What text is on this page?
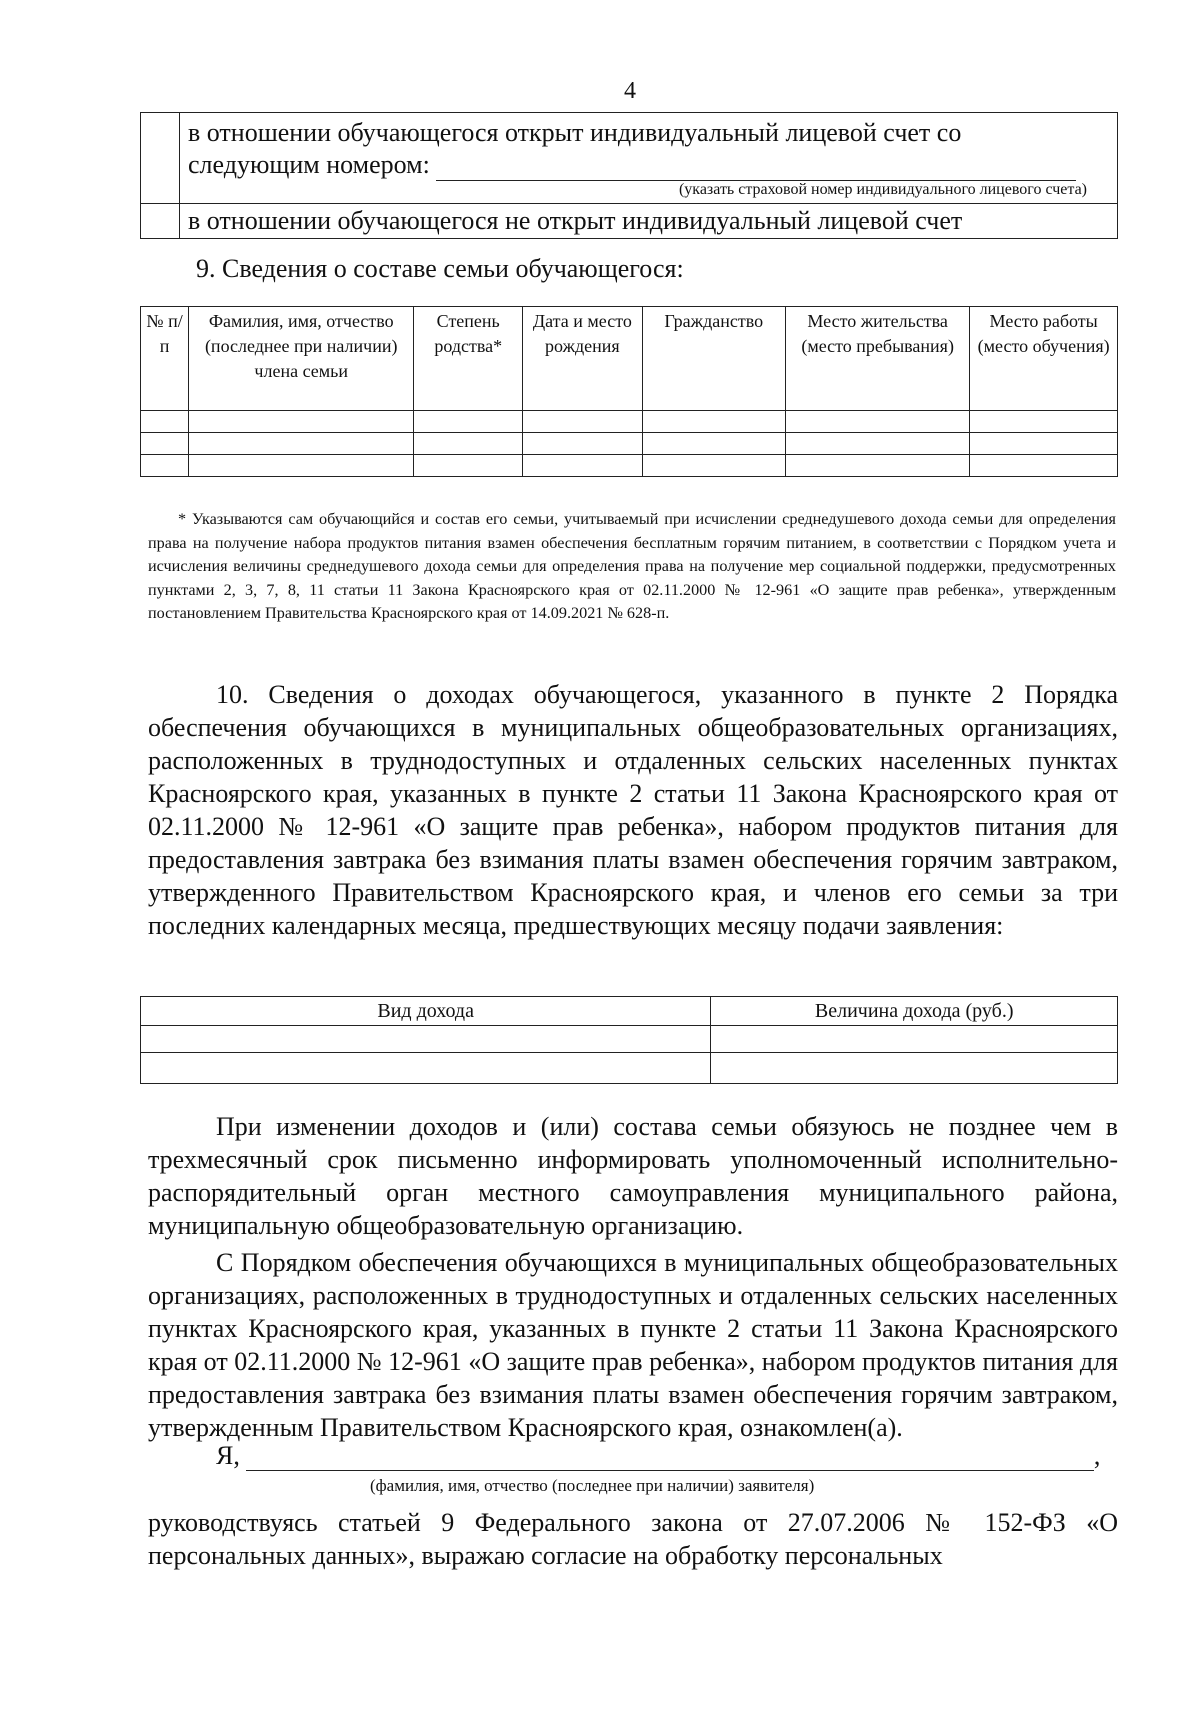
4

	в отношении обучающегося открыт индивидуальный лицевой счет со
следующим номером:
(указать страховой номер индивидуального лицевого счета)

	в отношении обучающегося не открыт индивидуальный лицевой счет
9. Сведения о составе семьи обучающегося:
№ п/п	Фамилия, имя, отчество (последнее при наличии) члена семьи	Степень родства*	Дата и место рождения	Гражданство	Место жительства (место пребывания)	Место работы (место обучения)

* Указываются сам обучающийся и состав его семьи, учитываемый при исчислении среднедушевого дохода семьи для определения права на получение набора продуктов питания взамен обеспечения бесплатным горячим питанием, в соответствии с Порядком учета и исчисления величины среднедушевого дохода семьи для определения права на получение мер социальной поддержки, предусмотренных пунктами 2, 3, 7, 8, 11 статьи 11 Закона Красноярского края от 02.11.2000 № 12-961 «О защите прав ребенка», утвержденным постановлением Правительства Красноярского края от 14.09.2021 № 628-п.

10. Сведения о доходах обучающегося, указанного в пункте 2 Порядка обеспечения обучающихся в муниципальных общеобразовательных организациях, расположенных в труднодоступных и отдаленных сельских населенных пунктах Красноярского края, указанных в пункте 2 статьи 11 Закона Красноярского края от 02.11.2000 № 12-961 «О защите прав ребенка», набором продуктов питания для предоставления завтрака без взимания платы взамен обеспечения горячим завтраком, утвержденного Правительством Красноярского края, и членов его семьи за три последних календарных месяца, предшествующих месяцу подачи заявления:

Вид дохода	Величина дохода (руб.)

При изменении доходов и (или) состава семьи обязуюсь не позднее чем в трехмесячный срок письменно информировать уполномоченный исполнительно-распорядительный орган местного самоуправления муниципального района, муниципальную общеобразовательную организацию.

С Порядком обеспечения обучающихся в муниципальных общеобразовательных организациях, расположенных в труднодоступных и отдаленных сельских населенных пунктах Красноярского края, указанных в пункте 2 статьи 11 Закона Красноярского края от 02.11.2000 № 12-961 «О защите прав ребенка», набором продуктов питания для предоставления завтрака без взимания платы взамен обеспечения горячим завтраком, утвержденным Правительством Красноярского края, ознакомлен(а).

Я,	,
(фамилия, имя, отчество (последнее при наличии) заявителя)

руководствуясь статьей 9 Федерального закона от 27.07.2006 № 152-ФЗ «О персональных данных», выражаю согласие на обработку персональных
